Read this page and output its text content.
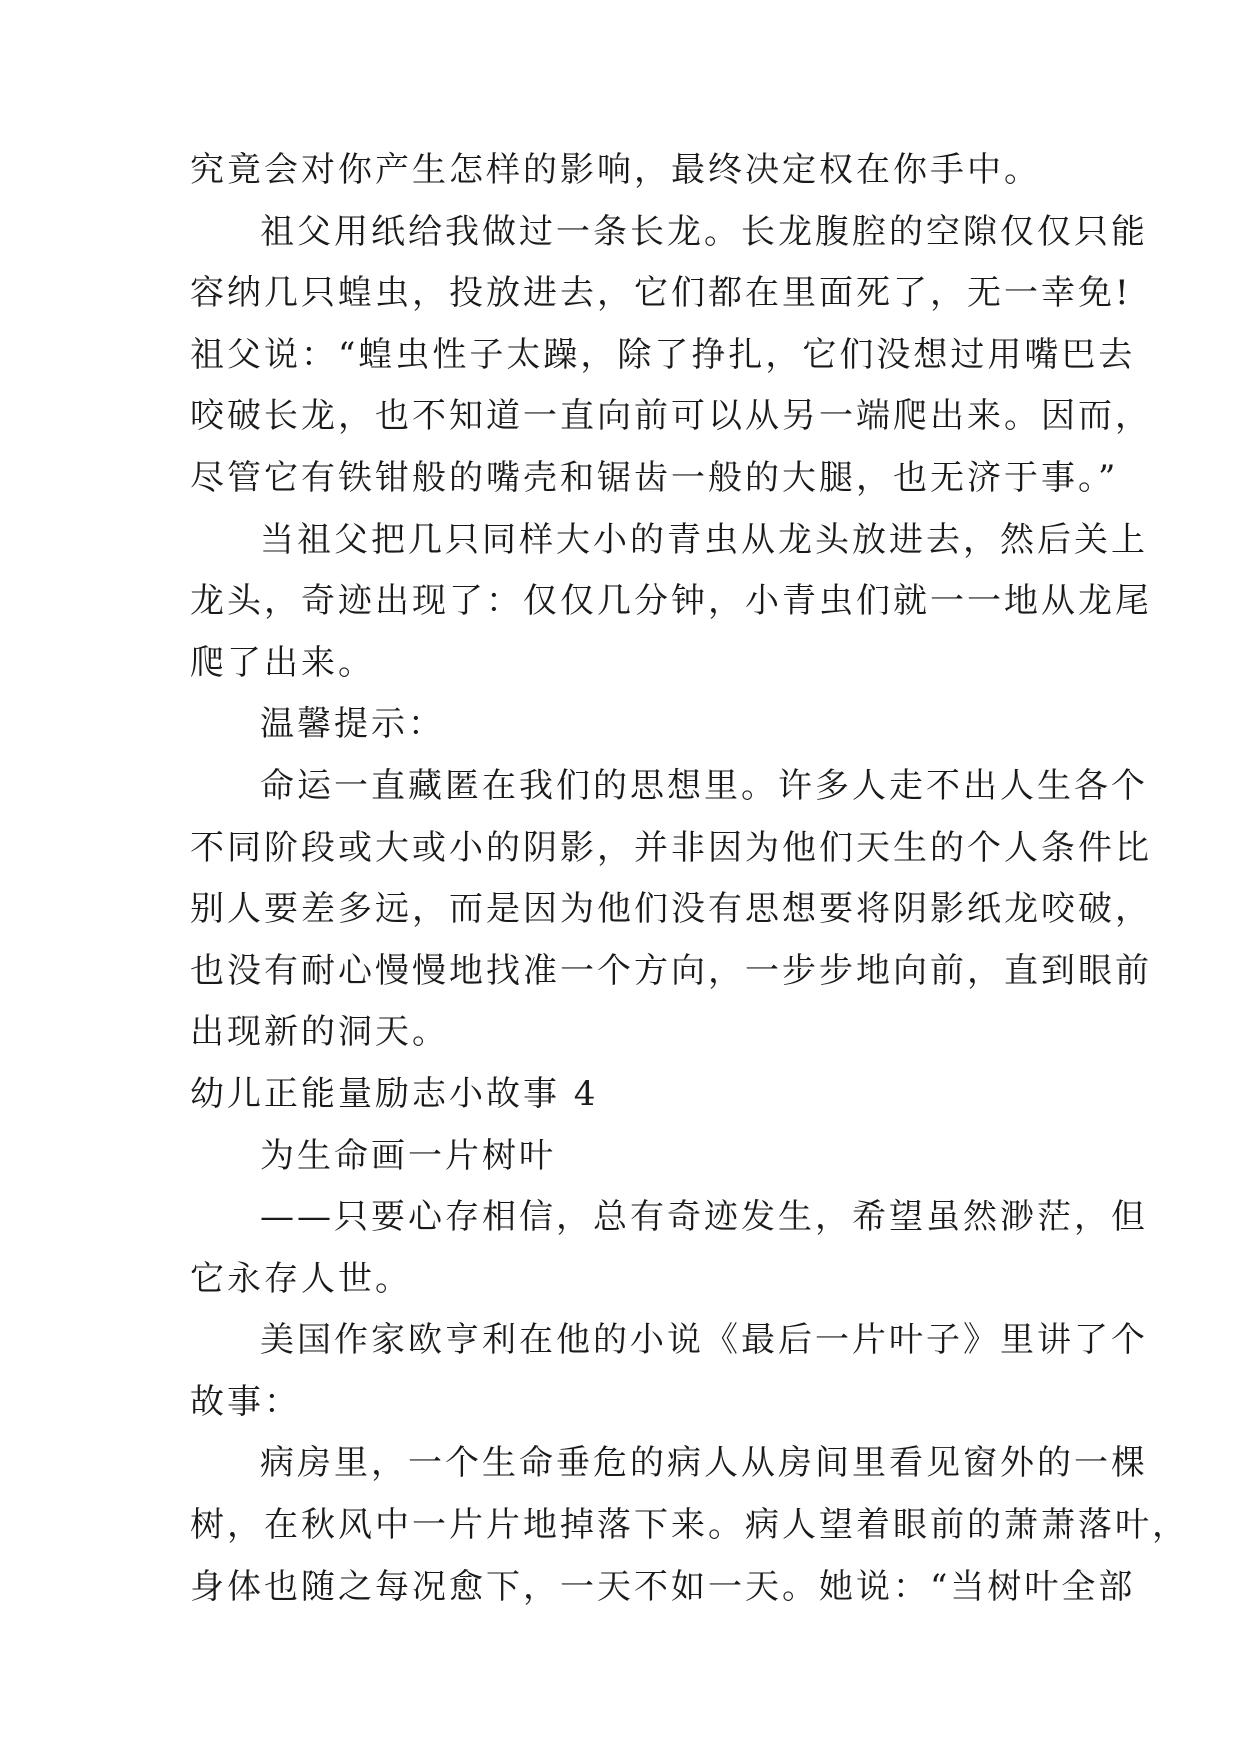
究竟会对你产生怎样的影响，最终决定权在你手中。
祖父用纸给我做过一条长龙。长龙腹腔的空隙仅仅只能
容纳几只蝗虫，投放进去，它们都在里面死了，无一幸免!
祖父说：“蝗虫性子太躁，除了挣扎，它们没想过用嘴巴去
咬破长龙，也不知道一直向前可以从另一端爬出来。因而，
尽管它有铁钳般的嘴壳和锯齿一般的大腿，也无济于事。”
当祖父把几只同样大小的青虫从龙头放进去，然后关上
龙头，奇迹出现了：仅仅几分钟，小青虫们就一一地从龙尾
爬了出来。
温馨提示：
命运一直藏匿在我们的思想里。许多人走不出人生各个
不同阶段或大或小的阴影，并非因为他们天生的个人条件比
别人要差多远，而是因为他们没有思想要将阴影纸龙咬破，
也没有耐心慢慢地找准一个方向，一步步地向前，直到眼前
出现新的洞天。
幼儿正能量励志小故事 4
为生命画一片树叶
——只要心存相信，总有奇迹发生，希望虽然渺茫，但
它永存人世。
美国作家欧亨利在他的小说《最后一片叶子》里讲了个
故事：
病房里，一个生命垂危的病人从房间里看见窗外的一棵
树，在秋风中一片片地掉落下来。病人望着眼前的萧萧落叶，
身体也随之每况愈下，一天不如一天。她说：“当树叶全部
